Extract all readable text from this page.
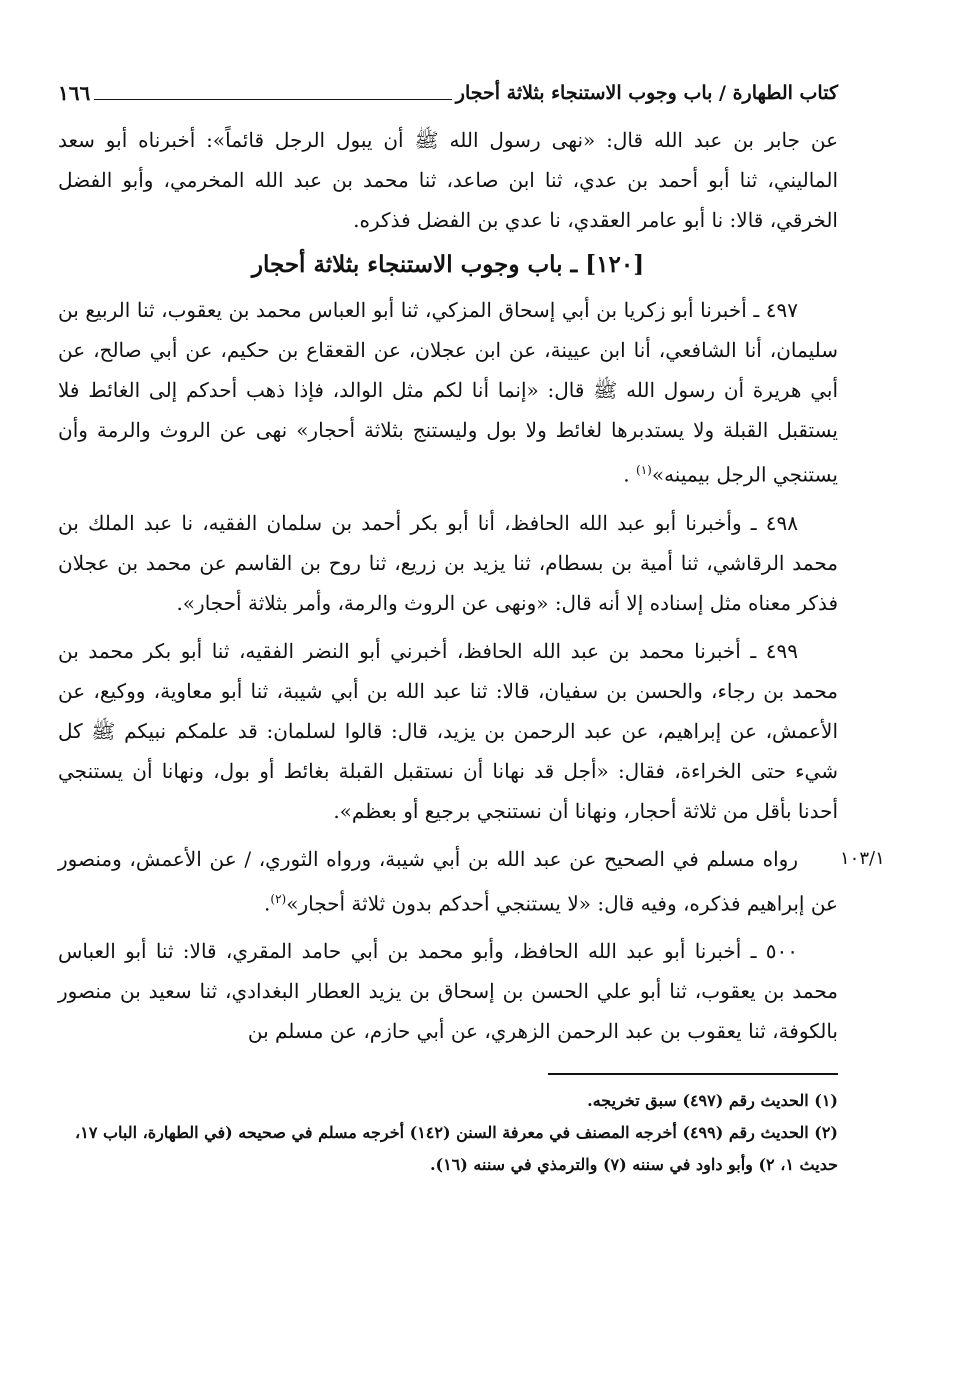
كتاب الطهارة / باب وجوب الاستنجاء بثلاثة أحجار
١٦٦

عن جابر بن عبد الله قال: «نهى رسول الله ﷺ أن يبول الرجل قائماً»: أخبرناه أبو سعد الماليني، ثنا أبو أحمد بن عدي، ثنا ابن صاعد، ثنا محمد بن عبد الله المخرمي، وأبو الفضل الخرقي، قالا: نا أبو عامر العقدي، نا عدي بن الفضل فذكره.

[١٢٠] ـ باب وجوب الاستنجاء بثلاثة أحجار

٤٩٧ ـ أخبرنا أبو زكريا بن أبي إسحاق المزكي، ثنا أبو العباس محمد بن يعقوب، ثنا الربيع بن سليمان، أنا الشافعي، أنا ابن عيينة، عن ابن عجلان، عن القعقاع بن حكيم، عن أبي صالح، عن أبي هريرة أن رسول الله ﷺ قال: «إنما أنا لكم مثل الوالد، فإذا ذهب أحدكم إلى الغائط فلا يستقبل القبلة ولا يستدبرها لغائط ولا بول وليستنج بثلاثة أحجار» نهى عن الروث والرمة وأن يستنجي الرجل بيمينه»$^{(١)}$ .

٤٩٨ ـ وأخبرنا أبو عبد الله الحافظ، أنا أبو بكر أحمد بن سلمان الفقيه، نا عبد الملك بن محمد الرقاشي، ثنا أمية بن بسطام، ثنا يزيد بن زريع، ثنا روح بن القاسم عن محمد بن عجلان فذكر معناه مثل إسناده إلا أنه قال: «ونهى عن الروث والرمة، وأمر بثلاثة أحجار».

٤٩٩ ـ أخبرنا محمد بن عبد الله الحافظ، أخبرني أبو النضر الفقيه، ثنا أبو بكر محمد بن محمد بن رجاء، والحسن بن سفيان، قالا: ثنا عبد الله بن أبي شيبة، ثنا أبو معاوية، ووكيع، عن الأعمش، عن إبراهيم، عن عبد الرحمن بن يزيد، قال: قالوا لسلمان: قد علمكم نبيكم ﷺ كل شيء حتى الخراءة، فقال: «أجل قد نهانا أن نستقبل القبلة بغائط أو بول، ونهانا أن يستنجي أحدنا بأقل من ثلاثة أحجار، ونهانا أن نستنجي برجيع أو بعظم».

١٠٣/١

رواه مسلم في الصحيح عن عبد الله بن أبي شيبة، ورواه الثوري، / عن الأعمش، ومنصور عن إبراهيم فذكره، وفيه قال: «لا يستنجي أحدكم بدون ثلاثة أحجار»$^{(٢)}$.

٥٠٠ ـ أخبرنا أبو عبد الله الحافظ، وأبو محمد بن أبي حامد المقري، قالا: ثنا أبو العباس محمد بن يعقوب، ثنا أبو علي الحسن بن إسحاق بن يزيد العطار البغدادي، ثنا سعيد بن منصور بالكوفة، ثنا يعقوب بن عبد الرحمن الزهري، عن أبي حازم، عن مسلم بن

(١) الحديث رقم (٤٩٧) سبق تخريجه.

(٢) الحديث رقم (٤٩٩) أخرجه المصنف في معرفة السنن (١٤٢) أخرجه مسلم في صحيحه (في الطهارة، الباب ١٧، حديث ١، ٢) وأبو داود في سننه (٧) والترمذي في سننه (١٦).
